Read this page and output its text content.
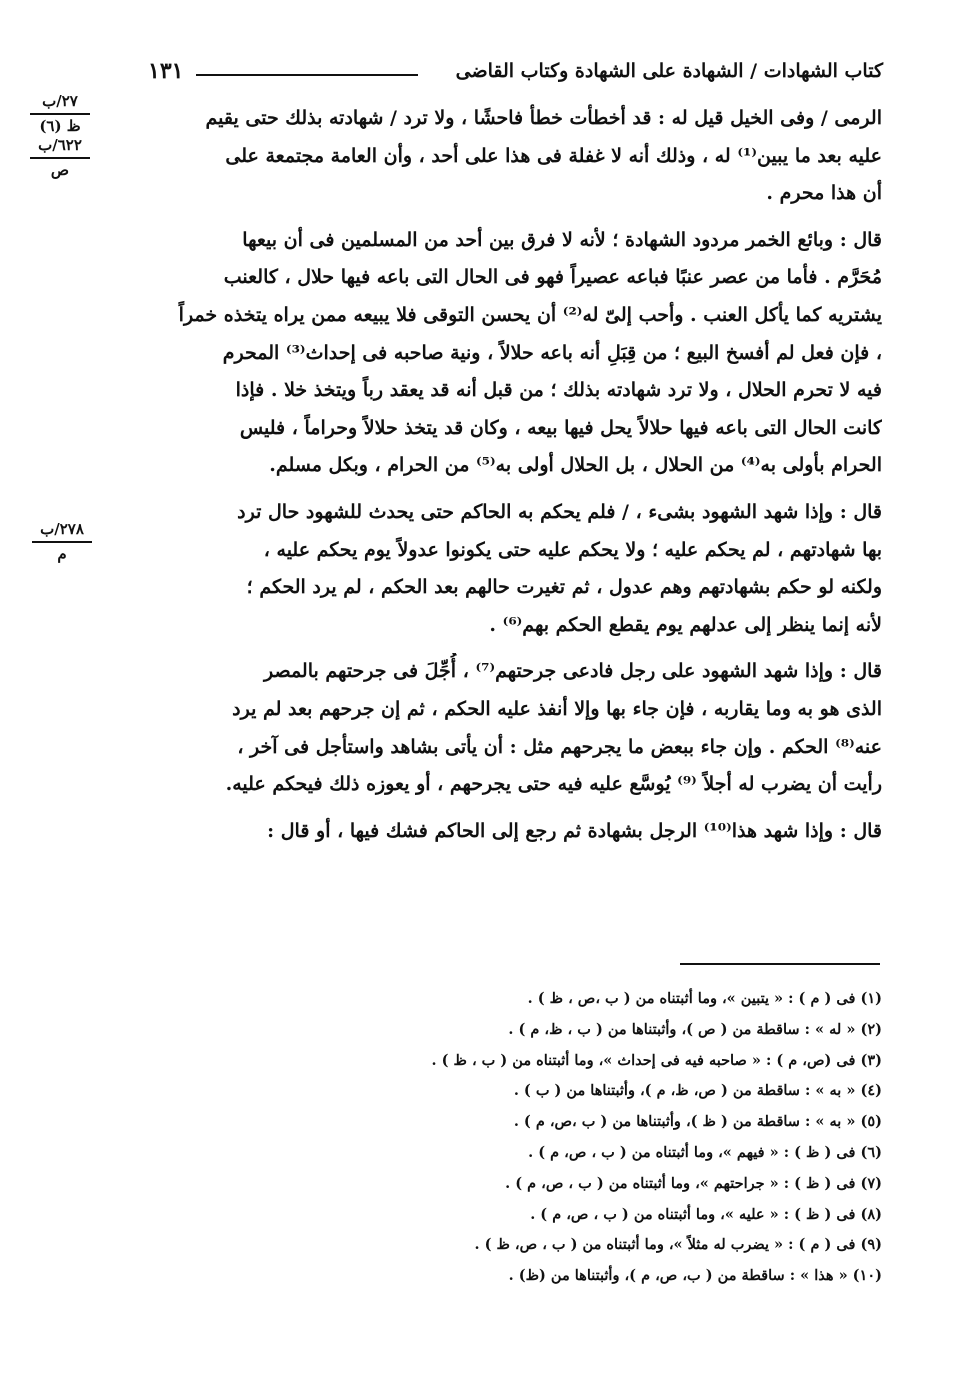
كتاب الشهادات / الشهادة على الشهادة وكتاب القاضى
١٣١
٢٧/ب
ظ (٦)
٦٢٢/ب
ص
٢٧٨/ب
م

الرمى / وفى الخيل قيل له : قد أخطأت خطأ فاحشًا ، ولا ترد / شهادته بذلك حتى يقيم
عليه بعد ما يبين⁽¹⁾ له ، وذلك أنه لا غفلة فى هذا على أحد ، وأن العامة مجتمعة على
أن هذا محرم .

قال : وبائع الخمر مردود الشهادة ؛ لأنه لا فرق بين أحد من المسلمين فى أن بيعها
مُحَرَّم . فأما من عصر عنبًا فباعه عصيراً فهو فى الحال التى باعه فيها حلال ، كالعنب
يشتريه كما يأكل العنب . وأحب إلىّ له⁽²⁾ أن يحسن التوقى فلا يبيعه ممن يراه يتخذه خمراً
، فإن فعل لم أفسخ البيع ؛ من قِبَلِ أنه باعه حلالاً ، ونية صاحبه فى إحداث⁽³⁾ المحرم
فيه لا تحرم الحلال ، ولا ترد شهادته بذلك ؛ من قبل أنه قد يعقد رباً ويتخذ خلا . فإذا
كانت الحال التى باعه فيها حلالاً يحل فيها بيعه ، وكان قد يتخذ حلالاً وحراماً ، فليس
الحرام بأولى به⁽⁴⁾ من الحلال ، بل الحلال أولى به⁽⁵⁾ من الحرام ، وبكل مسلم.

قال : وإذا شهد الشهود بشىء ، / فلم يحكم به الحاكم حتى يحدث للشهود حال ترد
بها شهادتهم ، لم يحكم عليه ؛ ولا يحكم عليه حتى يكونوا عدولاً يوم يحكم عليه ،
ولكنه لو حكم بشهادتهم وهم عدول ، ثم تغيرت حالهم بعد الحكم ، لم يرد الحكم ؛
لأنه إنما ينظر إلى عدلهم يوم يقطع الحكم بهم⁽⁶⁾ .

قال : وإذا شهد الشهود على رجل فادعى جرحتهم⁽⁷⁾ ، أُجِّلَ فى جرحتهم بالمصر
الذى هو به وما يقاربه ، فإن جاء بها وإلا أنفذ عليه الحكم ، ثم إن جرحهم بعد لم يرد
عنه⁽⁸⁾ الحكم . وإن جاء ببعض ما يجرحهم مثل : أن يأتى بشاهد واستأجل فى آخر ،
رأيت أن يضرب له أجلاً ⁽⁹⁾ يُوسَّع عليه فيه حتى يجرحهم ، أو يعوزه ذلك فيحكم عليه.

قال : وإذا شهد هذا⁽¹⁰⁾ الرجل بشهادة ثم رجع إلى الحاكم فشك فيها ، أو قال :

(١) فى ( م ) : « يتبين »، وما أثبتناه من ( ب ،ص ، ظ ) .
(٢) « له » : ساقطة من ( ص )، وأثبتناها من ( ب ، ظ، م ) .
(٣) فى (ص، م ) : « صاحبه فيه فى إحداث »، وما أثبتناه من ( ب ، ظ ) .
(٤) « به » : ساقطة من ( ص، ظ، م )، وأثبتناها من ( ب ) .
(٥) « به » : ساقطة من ( ظ )، وأثبتناها من ( ب ،ص، م ) .
(٦) فى ( ظ ) : « فيهم »، وما أثبتناه من ( ب ، ص، م ) .
(٧) فى ( ظ ) : « جراحتهم »، وما أثبتناه من ( ب ، ص، م ) .
(٨) فى ( ظ ) : « عليه »، وما أثبتناه من ( ب ، ص، م ) .
(٩) فى ( م ) : « يضرب له مثلاً »، وما أثبتناه من ( ب ، ص، ظ ) .
(١٠) « هذا » : ساقطة من ( ب، ص، م )، وأثبتناها من (ظ) .
